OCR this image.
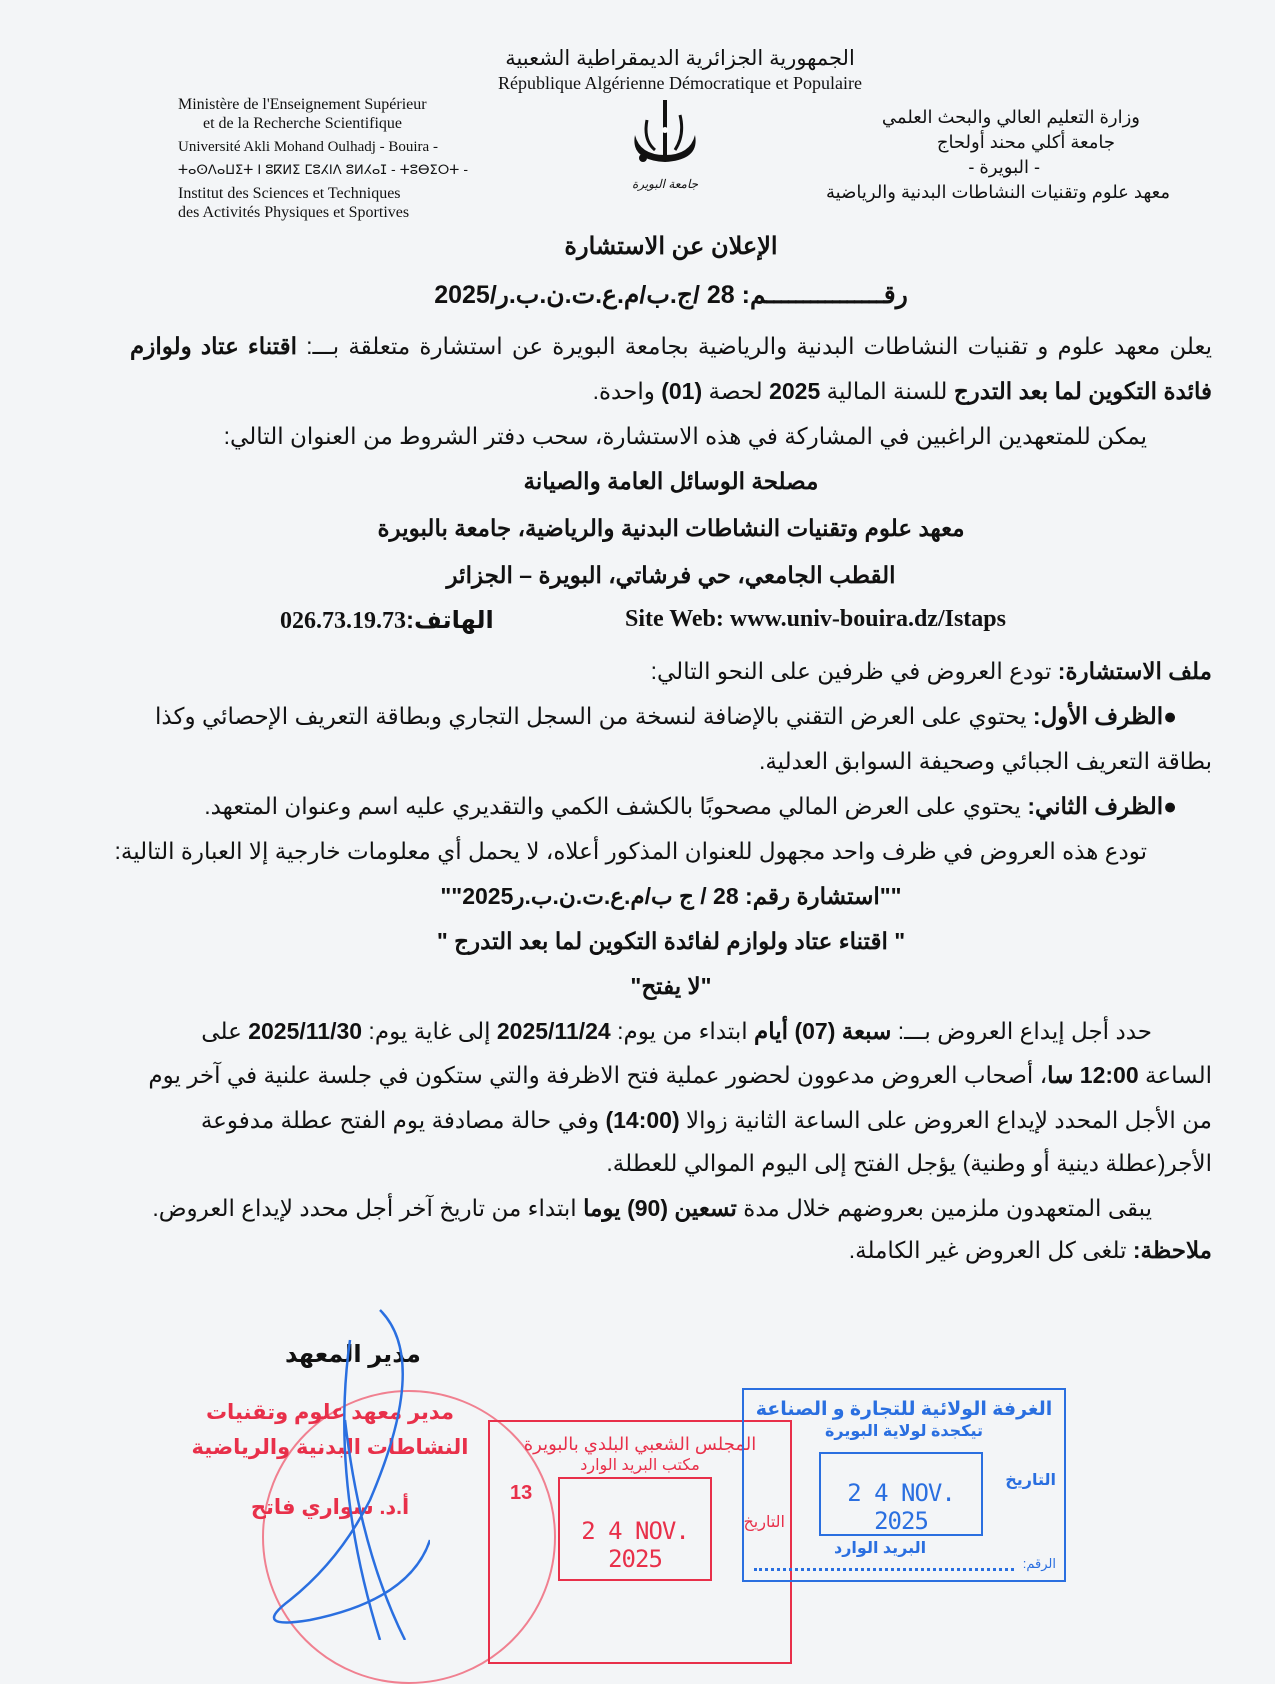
الجمهورية الجزائرية الديمقراطية الشعبية
République Algérienne Démocratique et Populaire
Ministère de l'Enseignement Supérieur
et de la Recherche Scientifique
Université Akli Mohand Oulhadj - Bouira -
ⵜⴰⵙⴷⴰⵡⵉⵜ ⵏ ⵓⴽⵍⵉ ⵎⵓⵃⵏⴷ ⵓⵍⵃⴰⵊ - ⵜⵓⴱⵉⵔⵜ -
Institut des Sciences et Techniques
des Activités Physiques et Sportives
جامعة البويرة
وزارة التعليم العالي والبحث العلمي
جامعة أكلي محند أولحاج
- البويرة -
معهد علوم وتقنيات النشاطات البدنية والرياضية
الإعلان عن الاستشارة
رقــــــــــــــــم: 28 /ج.ب/م.ع.ت.ن.ب.ر/2025
يعلن معهد علوم و تقنيات النشاطات البدنية والرياضية بجامعة البويرة عن استشارة متعلقة بـــ: اقتناء عتاد ولوازم
فائدة التكوين لما بعد التدرج للسنة المالية 2025 لحصة (01) واحدة.
يمكن للمتعهدين الراغبين في المشاركة في هذه الاستشارة، سحب دفتر الشروط من العنوان التالي:
مصلحة الوسائل العامة والصيانة
معهد علوم وتقنيات النشاطات البدنية والرياضية، جامعة بالبويرة
القطب الجامعي، حي فرشاتي، البويرة – الجزائر
Site Web: www.univ-bouira.dz/Istaps
الهاتف:026.73.19.73
ملف الاستشارة: تودع العروض في ظرفين على النحو التالي:
●الظرف الأول: يحتوي على العرض التقني بالإضافة لنسخة من السجل التجاري وبطاقة التعريف الإحصائي وكذا
بطاقة التعريف الجبائي وصحيفة السوابق العدلية.
●الظرف الثاني: يحتوي على العرض المالي مصحوبًا بالكشف الكمي والتقديري عليه اسم وعنوان المتعهد.
تودع هذه العروض في ظرف واحد مجهول للعنوان المذكور أعلاه، لا يحمل أي معلومات خارجية إلا العبارة التالية:
""استشارة رقم: 28 / ج ب/م.ع.ت.ن.ب.ر2025""
" اقتناء عتاد ولوازم لفائدة التكوين لما بعد التدرج "
"لا يفتح"
حدد أجل إيداع العروض بـــ: سبعة (07) أيام ابتداء من يوم: 2025/11/24 إلى غاية يوم: 2025/11/30 على
الساعة 12:00 سا، أصحاب العروض مدعوون لحضور عملية فتح الاظرفة والتي ستكون في جلسة علنية في آخر يوم
من الأجل المحدد لإيداع العروض على الساعة الثانية زوالا (14:00) وفي حالة مصادفة يوم الفتح عطلة مدفوعة
الأجر(عطلة دينية أو وطنية) يؤجل الفتح إلى اليوم الموالي للعطلة.
يبقى المتعهدون ملزمين بعروضهم خلال مدة تسعين (90) يوما ابتداء من تاريخ آخر أجل محدد لإيداع العروض.
ملاحظة: تلغى كل العروض غير الكاملة.
مدير معهد علوم وتقنيات
النشاطات البدنية والرياضية
أ.د. سواري فاتح
مدير المعهد
المجلس الشعبي البلدي بالبويرة
مكتب البريد الوارد
13
التاريخ
2 4 NOV. 2025
الغرفة الولائية للتجارة و الصناعة
تيكجدة لولاية البويرة
التاريخ
2 4 NOV. 2025
البريد الوارد
الرقم:
